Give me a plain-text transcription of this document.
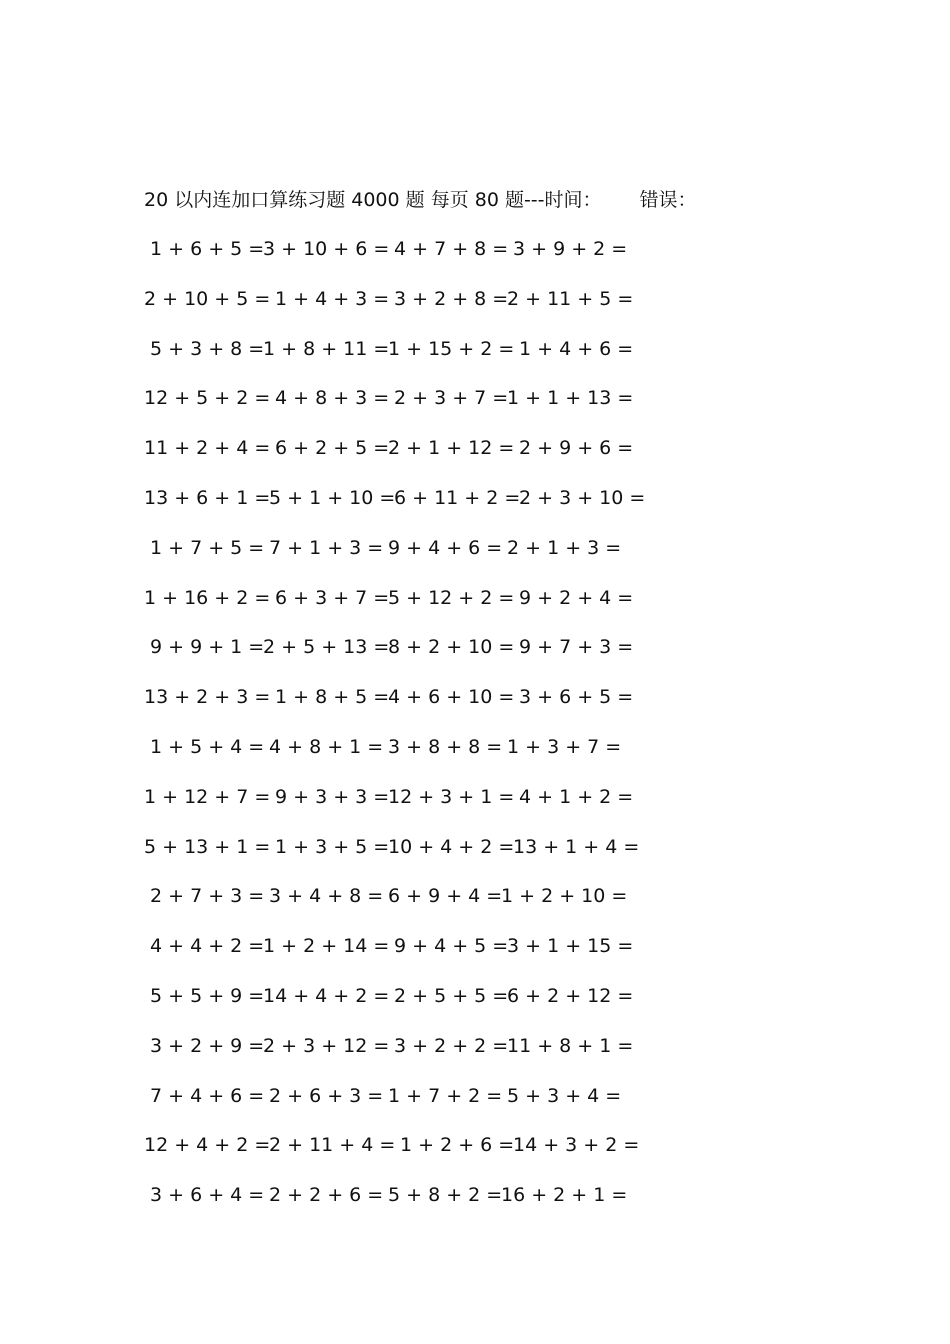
20 以内连加口算练习题 4000 题 每页 80 题---时间： 错误：
1 + 6 + 5 =
3 + 10 + 6 = 4 + 7 + 8 = 3 + 9 + 2 =
2 + 10 + 5 = 1 + 4 + 3 = 3 + 2 + 8 =
2 + 11 + 5 =
5 + 3 + 8 =
1 + 8 + 11 =
1 + 15 + 2 = 1 + 4 + 6 =
12 + 5 + 2 = 4 + 8 + 3 = 2 + 3 + 7 =
1 + 1 + 13 =
11 + 2 + 4 = 6 + 2 + 5 =
2 + 1 + 12 = 2 + 9 + 6 =
13 + 6 + 1 =
5 + 1 + 10 =
6 + 11 + 2 =
2 + 3 + 10 =
1 + 7 + 5 = 7 + 1 + 3 = 9 + 4 + 6 = 2 + 1 + 3 =
1 + 16 + 2 = 6 + 3 + 7 =
5 + 12 + 2 = 9 + 2 + 4 =
9 + 9 + 1 =
2 + 5 + 13 =
8 + 2 + 10 = 9 + 7 + 3 =
13 + 2 + 3 = 1 + 8 + 5 =
4 + 6 + 10 = 3 + 6 + 5 =
1 + 5 + 4 = 4 + 8 + 1 = 3 + 8 + 8 = 1 + 3 + 7 =
1 + 12 + 7 = 9 + 3 + 3 =
12 + 3 + 1 = 4 + 1 + 2 =
5 + 13 + 1 = 1 + 3 + 5 =
10 + 4 + 2 =
13 + 1 + 4 =
2 + 7 + 3 = 3 + 4 + 8 = 6 + 9 + 4 =
1 + 2 + 10 =
4 + 4 + 2 =
1 + 2 + 14 = 9 + 4 + 5 =
3 + 1 + 15 =
5 + 5 + 9 =
14 + 4 + 2 = 2 + 5 + 5 =
6 + 2 + 12 =
3 + 2 + 9 =
2 + 3 + 12 = 3 + 2 + 2 =
11 + 8 + 1 =
7 + 4 + 6 = 2 + 6 + 3 = 1 + 7 + 2 = 5 + 3 + 4 =
12 + 4 + 2 =
2 + 11 + 4 = 1 + 2 + 6 =
14 + 3 + 2 =
3 + 6 + 4 = 2 + 2 + 6 = 5 + 8 + 2 =
16 + 2 + 1 =
